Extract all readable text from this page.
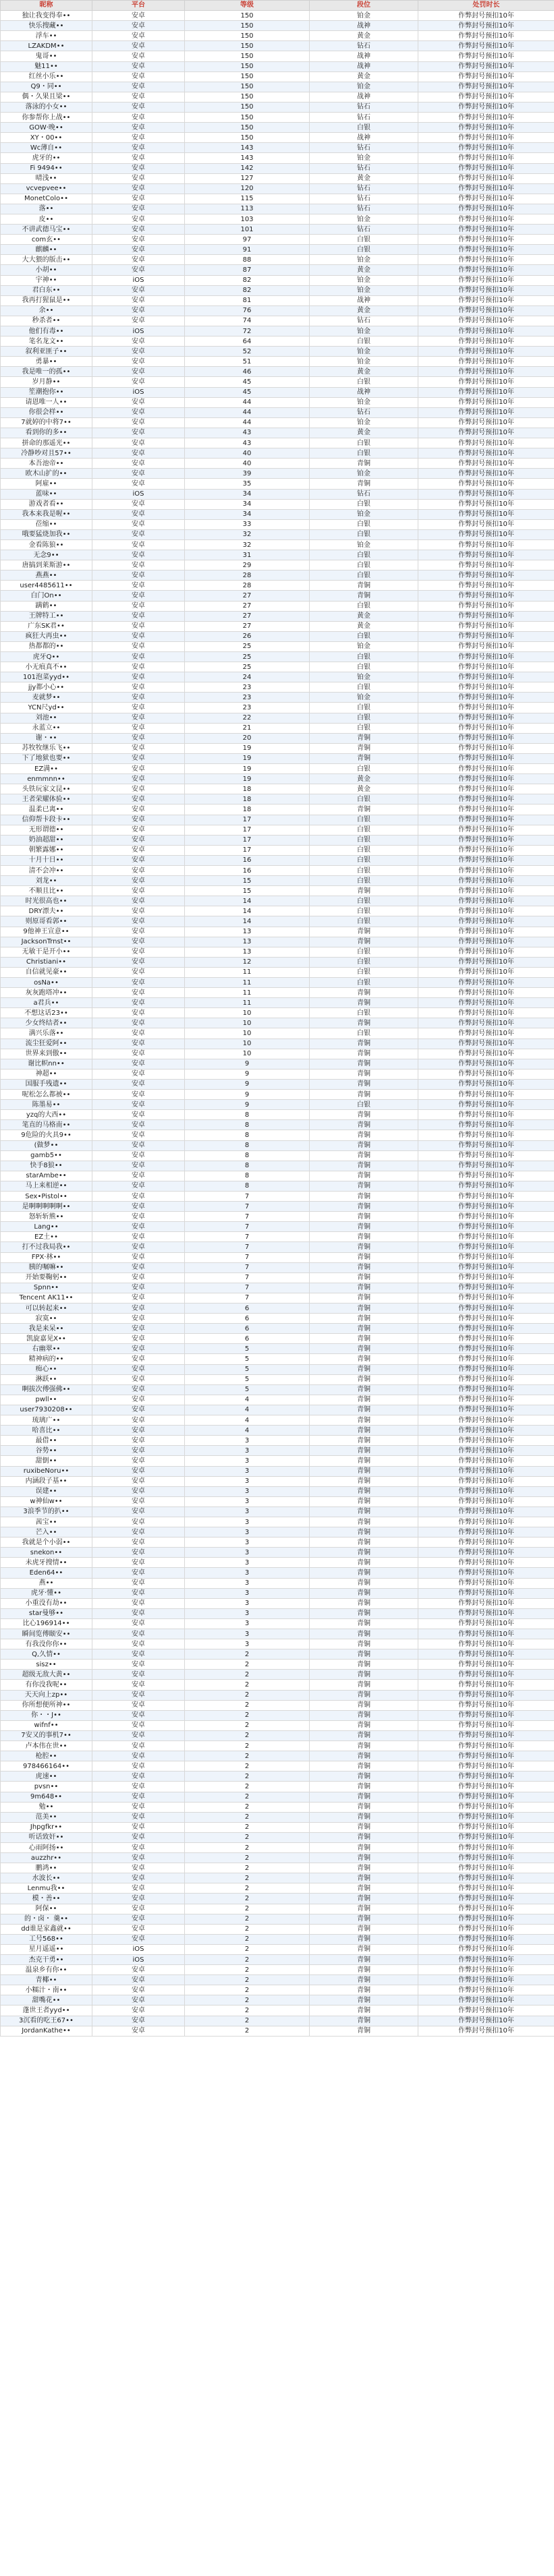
昵称	平台	等级	段位	处罚时长
独让我变得奉••	安卓	150	铂金	作弊封号预扣10年
快乐搜藏••	安卓	150	战神	作弊封号预扣10年
浮车••	安卓	150	黄金	作弊封号预扣10年
LZAKDM••	安卓	150	钻石	作弊封号预扣10年
鬼哥••	安卓	150	战神	作弊封号预扣10年
魅11••	安卓	150	战神	作弊封号预扣10年
红丝小乐••	安卓	150	黄金	作弊封号预扣10年
Q9・同••	安卓	150	铂金	作弊封号预扣10年
偶・久果且梁••	安卓	150	战神	作弊封号预扣10年
落泳的小女••	安卓	150	钻石	作弊封号预扣10年
你参帮你上战••	安卓	150	钻石	作弊封号预扣10年
GOW·晚••	安卓	150	白银	作弊封号预扣10年
XY・00••	安卓	150	战神	作弊封号预扣10年
Wc薄自••	安卓	143	钻石	作弊封号预扣10年
虎牙的••	安卓	143	铂金	作弊封号预扣10年
Fi 9494••	安卓	142	钻石	作弊封号预扣10年
晴浅••	安卓	127	黄金	作弊封号预扣10年
vcvepvee••	安卓	120	钻石	作弊封号预扣10年
MonetColo••	安卓	115	钻石	作弊封号预扣10年
落••	安卓	113	钻石	作弊封号预扣10年
皮••	安卓	103	铂金	作弊封号预扣10年
不讲武德马宝••	安卓	101	钻石	作弊封号预扣10年
com玄••	安卓	97	白银	作弊封号预扣10年
麒麟••	安卓	91	白银	作弊封号预扣10年
大大猥的版击••	安卓	88	铂金	作弊封号预扣10年
小胡••	安卓	87	黄金	作弊封号预扣10年
宇神••	iOS	82	铂金	作弊封号预扣10年
君白东••	安卓	82	铂金	作弊封号预扣10年
我再打猩鼠是••	安卓	81	战神	作弊封号预扣10年
余••	安卓	76	黄金	作弊封号预扣10年
秒杀者••	安卓	74	钻石	作弊封号预扣10年
他们有毒••	iOS	72	铂金	作弊封号预扣10年
笔名龙文••	安卓	64	白银	作弊封号预扣10年
叙利亚匪子••	安卓	52	铂金	作弊封号预扣10年
勇暴••	安卓	51	铂金	作弊封号预扣10年
我是唯一的孤••	安卓	46	黄金	作弊封号预扣10年
岁月静••	安卓	45	白银	作弊封号预扣10年
笙潮抱你••	iOS	45	战神	作弊封号预扣10年
请恩唯一人••	安卓	44	铂金	作弊封号预扣10年
你很会样••	安卓	44	钻石	作弊封号预扣10年
7就婷的中将7••	安卓	44	铂金	作弊封号预扣10年
看到你的多••	安卓	43	黄金	作弊封号预扣10年
拼命的那遥光••	安卓	43	白银	作弊封号预扣10年
冷静吵对且57••	安卓	40	白银	作弊封号预扣10年
本吾池帝••	安卓	40	青铜	作弊封号预扣10年
欧木山扩的••	安卓	39	铂金	作弊封号预扣10年
阿雇••	安卓	35	青铜	作弊封号预扣10年
蓝味••	iOS	34	钻石	作弊封号预扣10年
游戏者看••	安卓	34	白银	作弊封号预扣10年
我本来我是喔••	安卓	34	铂金	作弊封号预扣10年
莅缩••	安卓	33	白银	作弊封号预扣10年
哦要猛烧加我••	安卓	32	白银	作弊封号预扣10年
金看陈狼••	安卓	32	铂金	作弊封号预扣10年
无念9••	安卓	31	白银	作弊封号预扣10年
唐搞到莱斯游••	安卓	29	白银	作弊封号预扣10年
燕燕••	安卓	28	白银	作弊封号预扣10年
user4485611••	安卓	28	青铜	作弊封号预扣10年
白门On••	安卓	27	青铜	作弊封号预扣10年
蹒鹤••	安卓	27	白银	作弊封号预扣10年
王牌特工••	安卓	27	黄金	作弊封号预扣10年
广东SK君••	安卓	27	黄金	作弊封号预扣10年
疯狂大再虫••	安卓	26	白银	作弊封号预扣10年
热都都的••	安卓	25	铂金	作弊封号预扣10年
虎牙Q••	安卓	25	白银	作弊封号预扣10年
小无痕真不••	安卓	25	白银	作弊封号预扣10年
101泡菜yyd••	安卓	24	铂金	作弊封号预扣10年
jjy都小心••	安卓	23	白银	作弊封号预扣10年
麦就梦••	安卓	23	铂金	作弊封号预扣10年
YCN尺yd••	安卓	23	白银	作弊封号预扣10年
刘池••	安卓	22	白银	作弊封号预扣10年
永蓝立••	安卓	21	白银	作弊封号预扣10年
谢・••	安卓	20	青铜	作弊封号预扣10年
苏牧牧继乐飞••	安卓	19	青铜	作弊封号预扣10年
下了地狱也要••	安卓	19	青铜	作弊封号预扣10年
EZ满••	安卓	19	白银	作弊封号预扣10年
enmmnn••	安卓	19	黄金	作弊封号预扣10年
头铁玩家文昆••	安卓	18	黄金	作弊封号预扣10年
王者荣耀体验••	安卓	18	白银	作弊封号预扣10年
温柔已离••	安卓	18	青铜	作弊封号预扣10年
信仰帮卡段卡••	安卓	17	白银	作弊封号预扣10年
无形谓德••	安卓	17	白银	作弊封号预扣10年
奶油超甜••	安卓	17	白银	作弊封号预扣10年
朝繁露娜••	安卓	17	白银	作弊封号预扣10年
十月十日••	安卓	16	白银	作弊封号预扣10年
清不会冲••	安卓	16	白银	作弊封号预扣10年
刘龙••	安卓	15	白银	作弊封号预扣10年
不顺且比••	安卓	15	青铜	作弊封号预扣10年
时光很高也••	安卓	14	白银	作弊封号预扣10年
DRY漂夫••	安卓	14	白银	作弊封号预扣10年
则原哥看郭••	安卓	14	白银	作弊封号预扣10年
9他神王宣意••	安卓	13	青铜	作弊封号预扣10年
JacksonTrnst••	安卓	13	青铜	作弊封号预扣10年
无敏干是开小••	安卓	13	白银	作弊封号预扣10年
Christiani••	安卓	12	白银	作弊封号预扣10年
自信就见豪••	安卓	11	白银	作弊封号预扣10年
osNa••	安卓	11	白银	作弊封号预扣10年
灰灰跑塔冲••	安卓	11	青铜	作弊封号预扣10年
a君兵••	安卓	11	青铜	作弊封号预扣10年
不想这话23••	安卓	10	白银	作弊封号预扣10年
少女终结者••	安卓	10	青铜	作弊封号预扣10年
满兴乐落••	安卓	10	白银	作弊封号预扣10年
流尘狂爱阿••	安卓	10	青铜	作弊封号预扣10年
世界来到傲••	安卓	10	青铜	作弊封号预扣10年
谢比帜nn••	安卓	9	青铜	作弊封号预扣10年
神超••	安卓	9	青铜	作弊封号预扣10年
国服手残遗••	安卓	9	青铜	作弊封号预扣10年
呢松怎么都被••	安卓	9	青铜	作弊封号预扣10年
陈墨易••	安卓	9	白银	作弊封号预扣10年
yzq的大西••	安卓	8	青铜	作弊封号预扣10年
笔直的马格南••	安卓	8	青铜	作弊封号预扣10年
9危险的火具9••	安卓	8	青铜	作弊封号预扣10年
(做梦••	安卓	8	青铜	作弊封号预扣10年
gamb5••	安卓	8	青铜	作弊封号预扣10年
快手8狼••	安卓	8	青铜	作弊封号预扣10年
starAmbe••	安卓	8	青铜	作弊封号预扣10年
马上来相逆••	安卓	8	青铜	作弊封号预扣10年
Sex•Pistol••	安卓	7	青铜	作弊封号预扣10年
是啊啊啊啊啊••	安卓	7	青铜	作弊封号预扣10年
怒斩斩熊••	安卓	7	青铜	作弊封号预扣10年
Lang••	安卓	7	青铜	作弊封号预扣10年
EZ土••	安卓	7	青铜	作弊封号预扣10年
打不过我局我••	安卓	7	青铜	作弊封号预扣10年
FPX·林••	安卓	7	青铜	作弊封号预扣10年
胰的嘱嘛••	安卓	7	青铜	作弊封号预扣10年
开始要鞠躬••	安卓	7	青铜	作弊封号预扣10年
Spnn••	安卓	7	青铜	作弊封号预扣10年
Tencent AK11••	安卓	7	青铜	作弊封号预扣10年
可以转起来••	安卓	6	青铜	作弊封号预扣10年
寂寞••	安卓	6	青铜	作弊封号预扣10年
我是来呆••	安卓	6	青铜	作弊封号预扣10年
凯旋嘉见X••	安卓	6	青铜	作弊封号预扣10年
右幽翠••	安卓	5	青铜	作弊封号预扣10年
精神病的••	安卓	5	青铜	作弊封号预扣10年
痴心••	安卓	5	青铜	作弊封号预扣10年
淋跃••	安卓	5	青铜	作弊封号预扣10年
啊拔次傅强佛••	安卓	5	青铜	作弊封号预扣10年
pwll••	安卓	4	青铜	作弊封号预扣10年
user7930208••	安卓	4	青铜	作弊封号预扣10年
琉璃广••	安卓	4	青铜	作弊封号预扣10年
哈喜比••	安卓	4	青铜	作弊封号预扣10年
最借••	安卓	3	青铜	作弊封号预扣10年
谷势••	安卓	3	青铜	作弊封号预扣10年
甜倒••	安卓	3	青铜	作弊封号预扣10年
ruxibeNoru••	安卓	3	青铜	作弊封号预扣10年
内涵段子基••	安卓	3	青铜	作弊封号预扣10年
误建••	安卓	3	青铜	作弊封号预扣10年
w神仙w••	安卓	3	青铜	作弊封号预扣10年
3浪季节的扒••	安卓	3	青铜	作弊封号预扣10年
茜宝••	安卓	3	青铜	作弊封号预扣10年
芒入••	安卓	3	青铜	作弊封号预扣10年
我就是个小弱••	安卓	3	青铜	作弊封号预扣10年
snekon••	安卓	3	青铜	作弊封号预扣10年
未虎牙搜情••	安卓	3	青铜	作弊封号预扣10年
Eden64••	安卓	3	青铜	作弊封号预扣10年
燕••	安卓	3	青铜	作弊封号预扣10年
虎牙·懂••	安卓	3	青铜	作弊封号预扣10年
小重没有劫••	安卓	3	青铜	作弊封号预扣10年
star曼够••	安卓	3	青铜	作弊封号预扣10年
比心196914••	安卓	3	青铜	作弊封号预扣10年
瞬间览傅颐安••	安卓	3	青铜	作弊封号预扣10年
有我没你你••	安卓	3	青铜	作弊封号预扣10年
Q,久情••	安卓	2	青铜	作弊封号预扣10年
sisz••	安卓	2	青铜	作弊封号预扣10年
超级无敌大黄••	安卓	2	青铜	作弊封号预扣10年
有你没我呢••	安卓	2	青铜	作弊封号预扣10年
天天向上zp••	安卓	2	青铜	作弊封号预扣10年
你所想便所神••	安卓	2	青铜	作弊封号预扣10年
你・・J••	安卓	2	青铜	作弊封号预扣10年
wifnf••	安卓	2	青铜	作弊封号预扣10年
7安又的事机7••	安卓	2	青铜	作弊封号预扣10年
卢本伟在世••	安卓	2	青铜	作弊封号预扣10年
枪腔••	安卓	2	青铜	作弊封号预扣10年
978466164••	安卓	2	青铜	作弊封号预扣10年
虎速••	安卓	2	青铜	作弊封号预扣10年
pvsn••	安卓	2	青铜	作弊封号预扣10年
9m648••	安卓	2	青铜	作弊封号预扣10年
勉••	安卓	2	青铜	作弊封号预扣10年
范美••	安卓	2	青铜	作弊封号预扣10年
Jhpgfkr••	安卓	2	青铜	作弊封号预扣10年
听话致奸••	安卓	2	青铜	作弊封号预扣10年
心雨阿扬••	安卓	2	青铜	作弊封号预扣10年
auzzhr••	安卓	2	青铜	作弊封号预扣10年
鹏鸿••	安卓	2	青铜	作弊封号预扣10年
水波长••	安卓	2	青铜	作弊封号预扣10年
Lenmu我••	安卓	2	青铜	作弊封号预扣10年
模・善••	安卓	2	青铜	作弊封号预扣10年
阿保••	安卓	2	青铜	作弊封号预扣10年
的・卤・ 羹••	安卓	2	青铜	作弊封号预扣10年
dd谁是家鑫就••	安卓	2	青铜	作弊封号预扣10年
工号568••	安卓	2	青铜	作弊封号预扣10年
星月遥遥••	iOS	2	青铜	作弊封号预扣10年
杰克干勇••	iOS	2	青铜	作弊封号预扣10年
温泉乡有你••	安卓	2	青铜	作弊封号预扣10年
青椰••	安卓	2	青铜	作弊封号预扣10年
小糯汁・南••	安卓	2	青铜	作弊封号预扣10年
甜嘴花••	安卓	2	青铜	作弊封号预扣10年
蓬世王者yyd••	安卓	2	青铜	作弊封号预扣10年
3沉看的吃王67••	安卓	2	青铜	作弊封号预扣10年
JordanKathe••	安卓	2	青铜	作弊封号预扣10年
